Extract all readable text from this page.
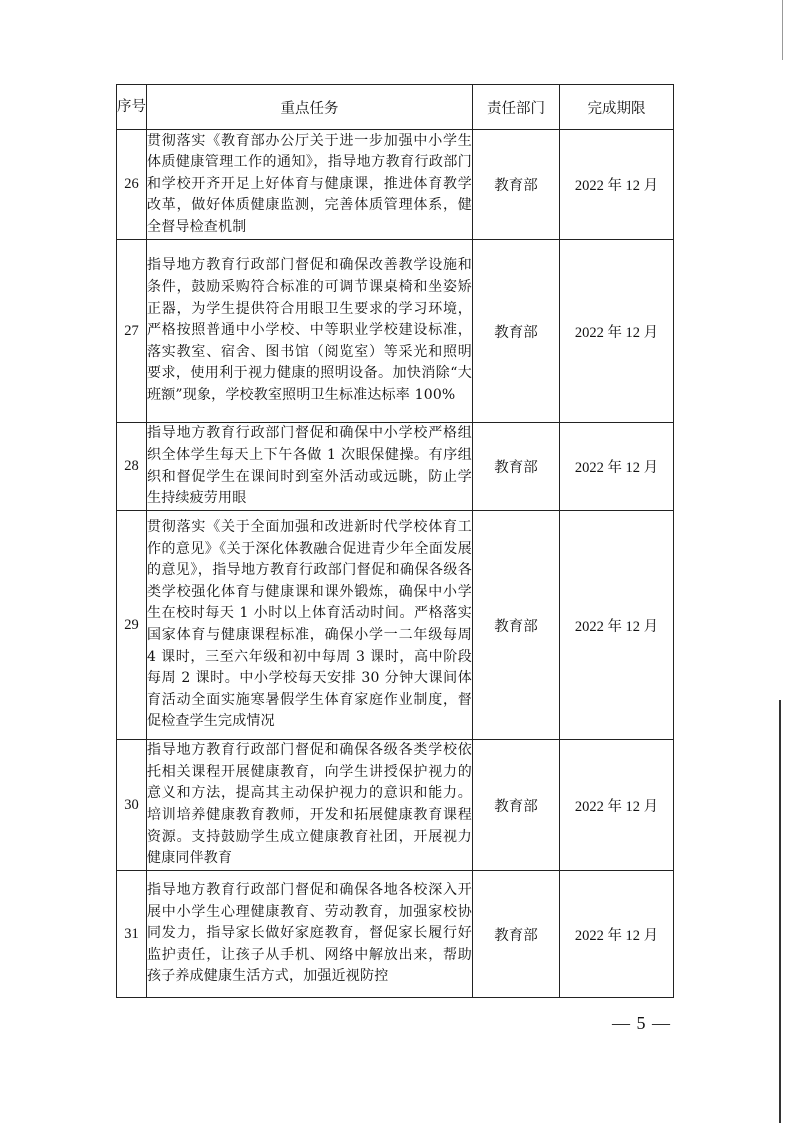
序号	重点任务	责任部门	完成期限
26	贯彻落实《教育部办公厅关于进一步加强中小学生体质健康管理工作的通知》，指导地方教育行政部门和学校开齐开足上好体育与健康课，推进体育教学改革，做好体质健康监测，完善体质管理体系，健全督导检查机制	教育部	2022 年 12 月
27	指导地方教育行政部门督促和确保改善教学设施和条件，鼓励采购符合标准的可调节课桌椅和坐姿矫正器，为学生提供符合用眼卫生要求的学习环境，严格按照普通中小学校、中等职业学校建设标准，落实教室、宿舍、图书馆（阅览室）等采光和照明要求，使用利于视力健康的照明设备。加快消除“大班额”现象，学校教室照明卫生标准达标率 100%	教育部	2022 年 12 月
28	指导地方教育行政部门督促和确保中小学校严格组织全体学生每天上下午各做 1 次眼保健操。有序组织和督促学生在课间时到室外活动或远眺，防止学生持续疲劳用眼	教育部	2022 年 12 月
29	贯彻落实《关于全面加强和改进新时代学校体育工作的意见》《关于深化体教融合促进青少年全面发展的意见》，指导地方教育行政部门督促和确保各级各类学校强化体育与健康课和课外锻炼，确保中小学生在校时每天 1 小时以上体育活动时间。严格落实国家体育与健康课程标准，确保小学一二年级每周 4 课时，三至六年级和初中每周 3 课时，高中阶段每周 2 课时。中小学校每天安排 30 分钟大课间体育活动全面实施寒暑假学生体育家庭作业制度，督促检查学生完成情况	教育部	2022 年 12 月
30	指导地方教育行政部门督促和确保各级各类学校依托相关课程开展健康教育，向学生讲授保护视力的意义和方法，提高其主动保护视力的意识和能力。培训培养健康教育教师，开发和拓展健康教育课程资源。支持鼓励学生成立健康教育社团，开展视力健康同伴教育	教育部	2022 年 12 月
31	指导地方教育行政部门督促和确保各地各校深入开展中小学生心理健康教育、劳动教育，加强家校协同发力，指导家长做好家庭教育，督促家长履行好监护责任，让孩子从手机、网络中解放出来，帮助孩子养成健康生活方式，加强近视防控	教育部	2022 年 12 月
— 5 —
